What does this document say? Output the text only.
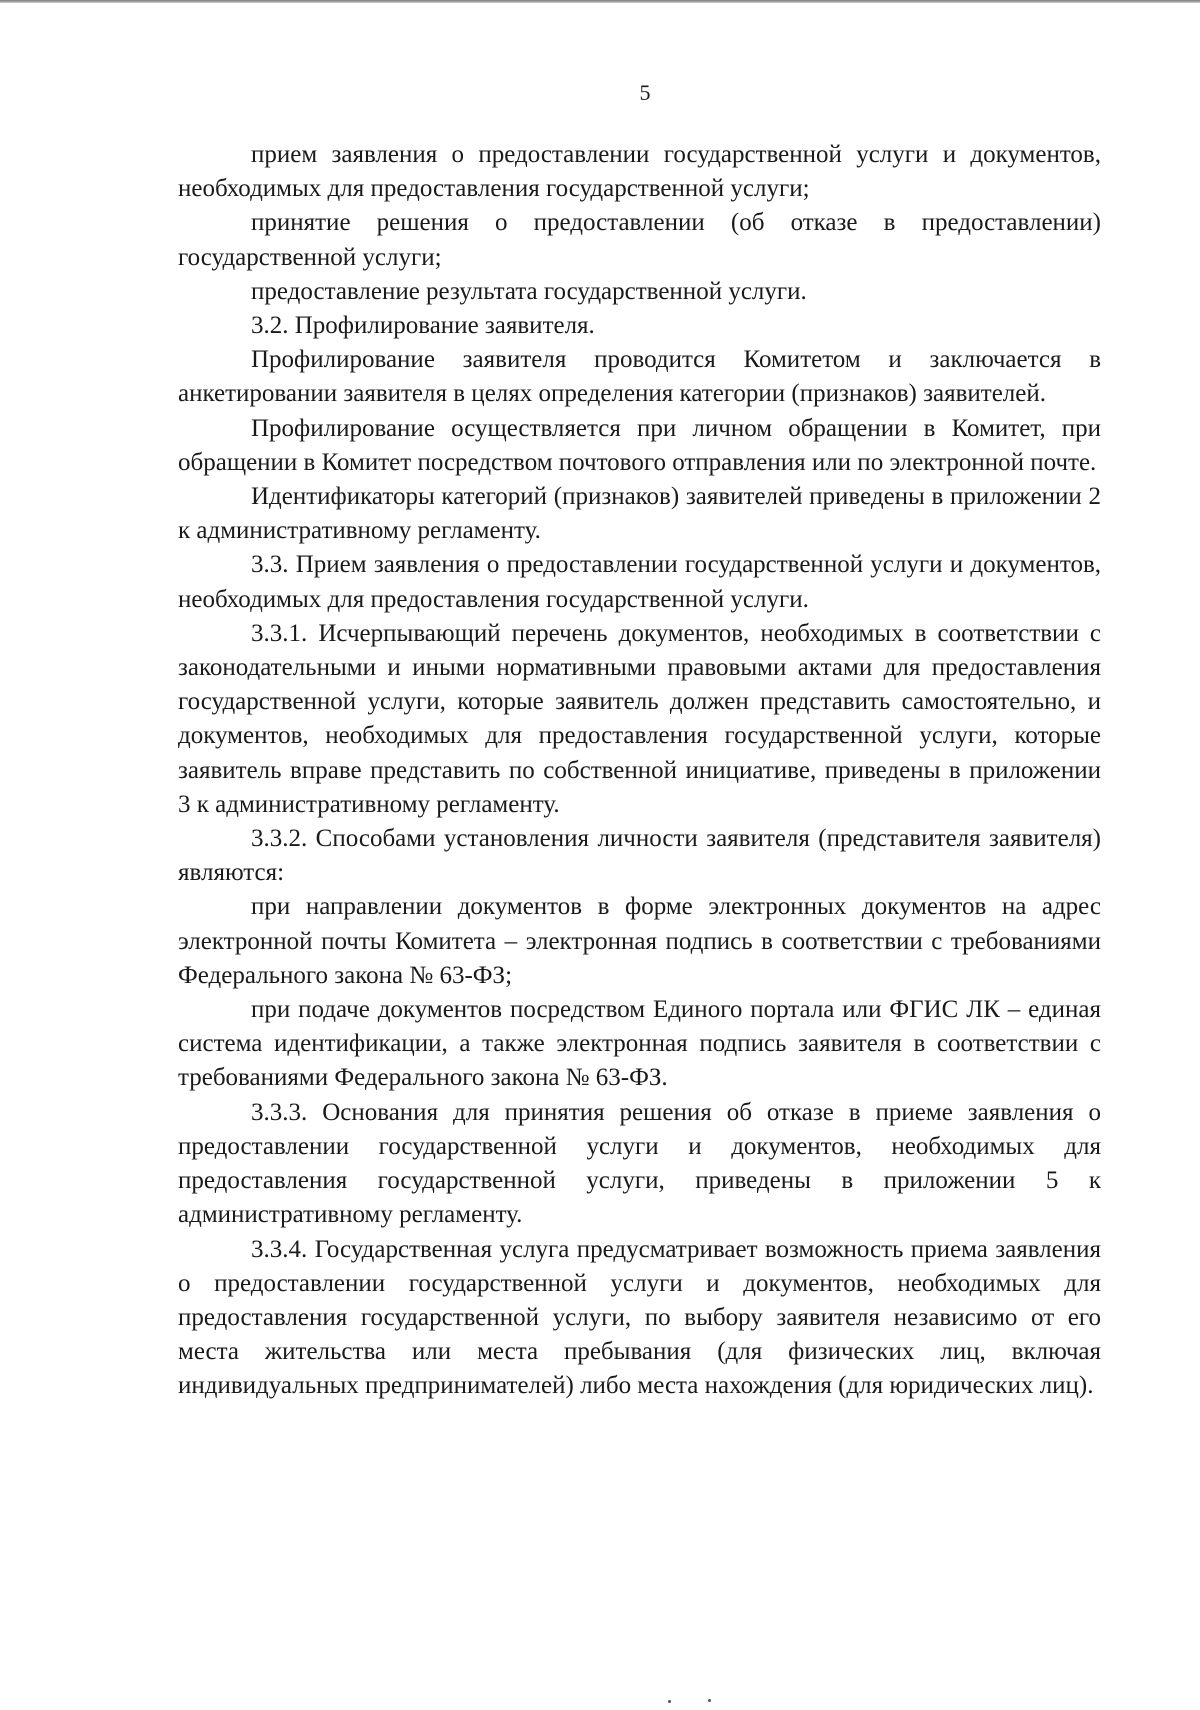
5

прием заявления о предоставлении государственной услуги и документов, необходимых для предоставления государственной услуги;

принятие решения о предоставлении (об отказе в предоставлении) государственной услуги;

предоставление результата государственной услуги.

3.2. Профилирование заявителя.

Профилирование заявителя проводится Комитетом и заключается в анкетировании заявителя в целях определения категории (признаков) заявителей.

Профилирование осуществляется при личном обращении в Комитет, при обращении в Комитет посредством почтового отправления или по электронной почте.

Идентификаторы категорий (признаков) заявителей приведены в приложении 2 к административному регламенту.

3.3. Прием заявления о предоставлении государственной услуги и документов, необходимых для предоставления государственной услуги.

3.3.1. Исчерпывающий перечень документов, необходимых в соответствии с законодательными и иными нормативными правовыми актами для предоставления государственной услуги, которые заявитель должен представить самостоятельно, и документов, необходимых для предоставления государственной услуги, которые заявитель вправе представить по собственной инициативе, приведены в приложении 3 к административному регламенту.

3.3.2. Способами установления личности заявителя (представителя заявителя) являются:

при направлении документов в форме электронных документов на адрес электронной почты Комитета – электронная подпись в соответствии с требованиями Федерального закона № 63-ФЗ;

при подаче документов посредством Единого портала или ФГИС ЛК – единая система идентификации, а также электронная подпись заявителя в соответствии с требованиями Федерального закона № 63-ФЗ.

3.3.3. Основания для принятия решения об отказе в приеме заявления о предоставлении государственной услуги и документов, необходимых для предоставления государственной услуги, приведены в приложении 5 к административному регламенту.

3.3.4. Государственная услуга предусматривает возможность приема заявления о предоставлении государственной услуги и документов, необходимых для предоставления государственной услуги, по выбору заявителя независимо от его места жительства или места пребывания (для физических лиц, включая индивидуальных предпринимателей) либо места нахождения (для юридических лиц).
